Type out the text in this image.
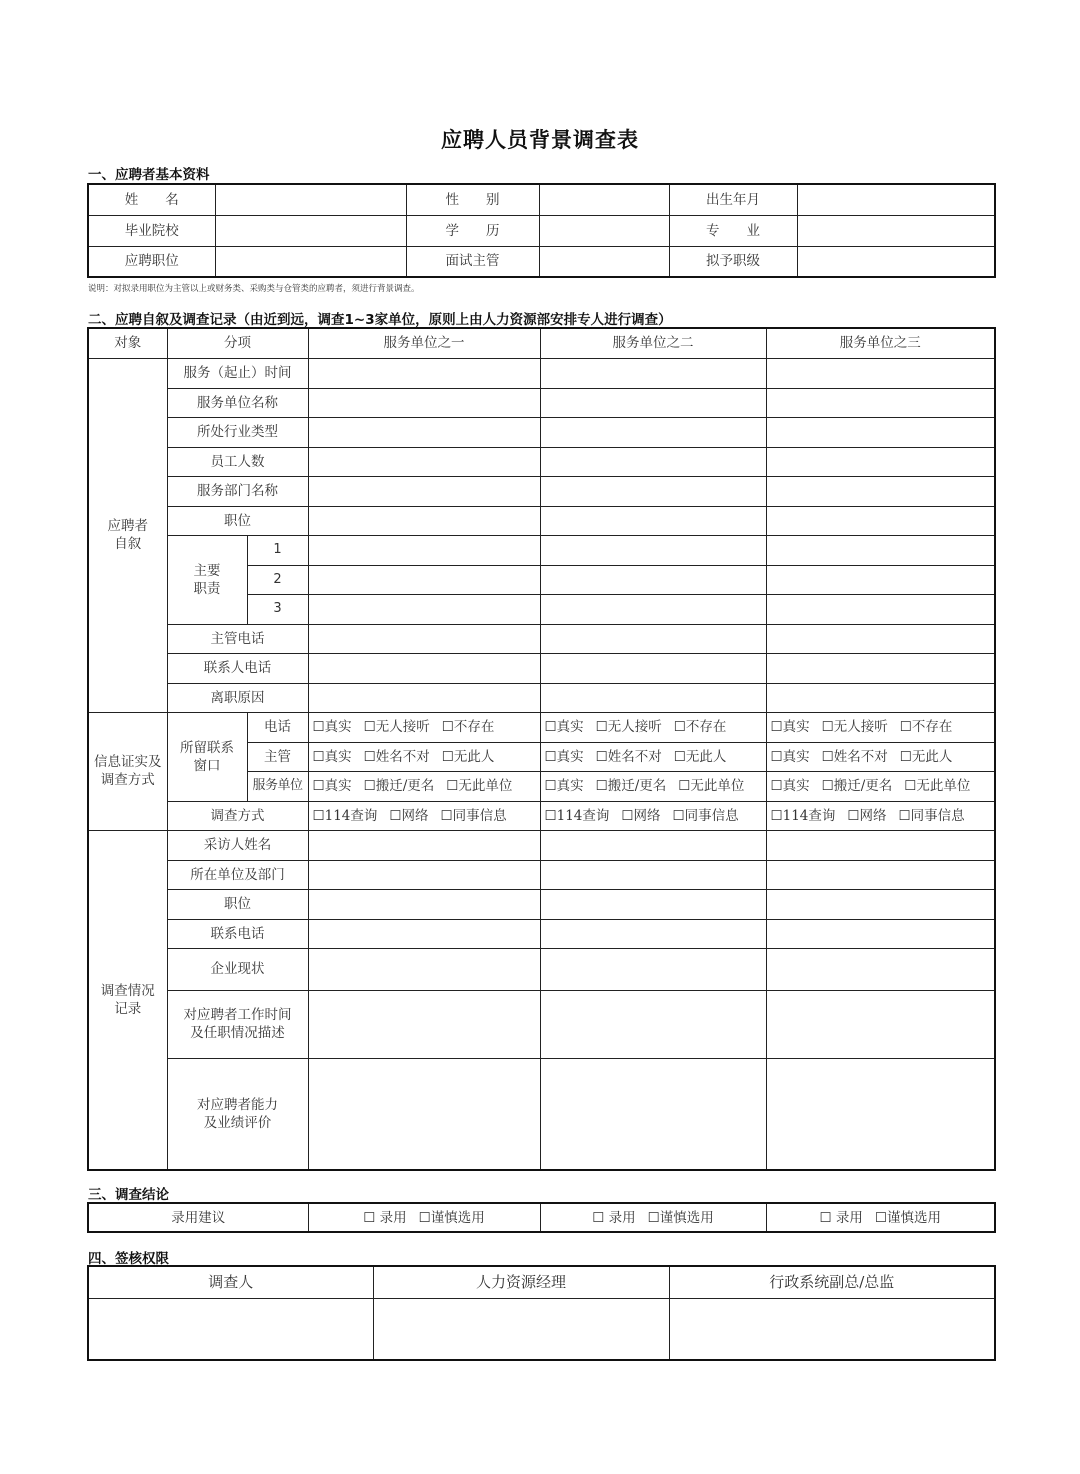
应聘人员背景调查表
一、应聘者基本资料
姓　　名		性　　别		出生年月	
毕业院校		学　　历		专　　业	
应聘职位		面试主管		拟予职级	
说明：对拟录用职位为主管以上或财务类、采购类与仓管类的应聘者，须进行背景调查。
二、应聘自叙及调查记录（由近到远，调查1~3家单位，原则上由人力资源部安排专人进行调查）
对象	分项		服务单位之一	服务单位之二	服务单位之三

应聘者自叙	服务（起止）时间				
	服务单位名称				
	所处行业类型				
	员工人数				
	服务部门名称				
	职位				

	主要职责	1			
		2			
		3			
	主管电话				
	联系人电话				
	离职原因				

信息证实及调查方式	所留联系窗口	电话	☐真实 ☐无人接听 ☐不存在	☐真实 ☐无人接听 ☐不存在	☐真实 ☐无人接听 ☐不存在
		主管	☐真实 ☐姓名不对 ☐无此人	☐真实 ☐姓名不对 ☐无此人	☐真实 ☐姓名不对 ☐无此人
		服务单位	☐真实 ☐搬迁/更名 ☐无此单位	☐真实 ☐搬迁/更名 ☐无此单位	☐真实 ☐搬迁/更名 ☐无此单位
	调查方式		☐114查询 ☐网络 ☐同事信息	☐114查询 ☐网络 ☐同事信息	☐114查询 ☐网络 ☐同事信息

调查情况记录	采访人姓名				
	所在单位及部门				
	职位				
	联系电话				
	企业现状				

	对应聘者工作时间及任职情况描述				

	对应聘者能力及业绩评价				

三、调查结论
录用建议	☐ 录用 ☐谨慎选用	☐ 录用 ☐谨慎选用	☐ 录用 ☐谨慎选用
四、签核权限
调查人	人力资源经理	行政系统副总/总监
